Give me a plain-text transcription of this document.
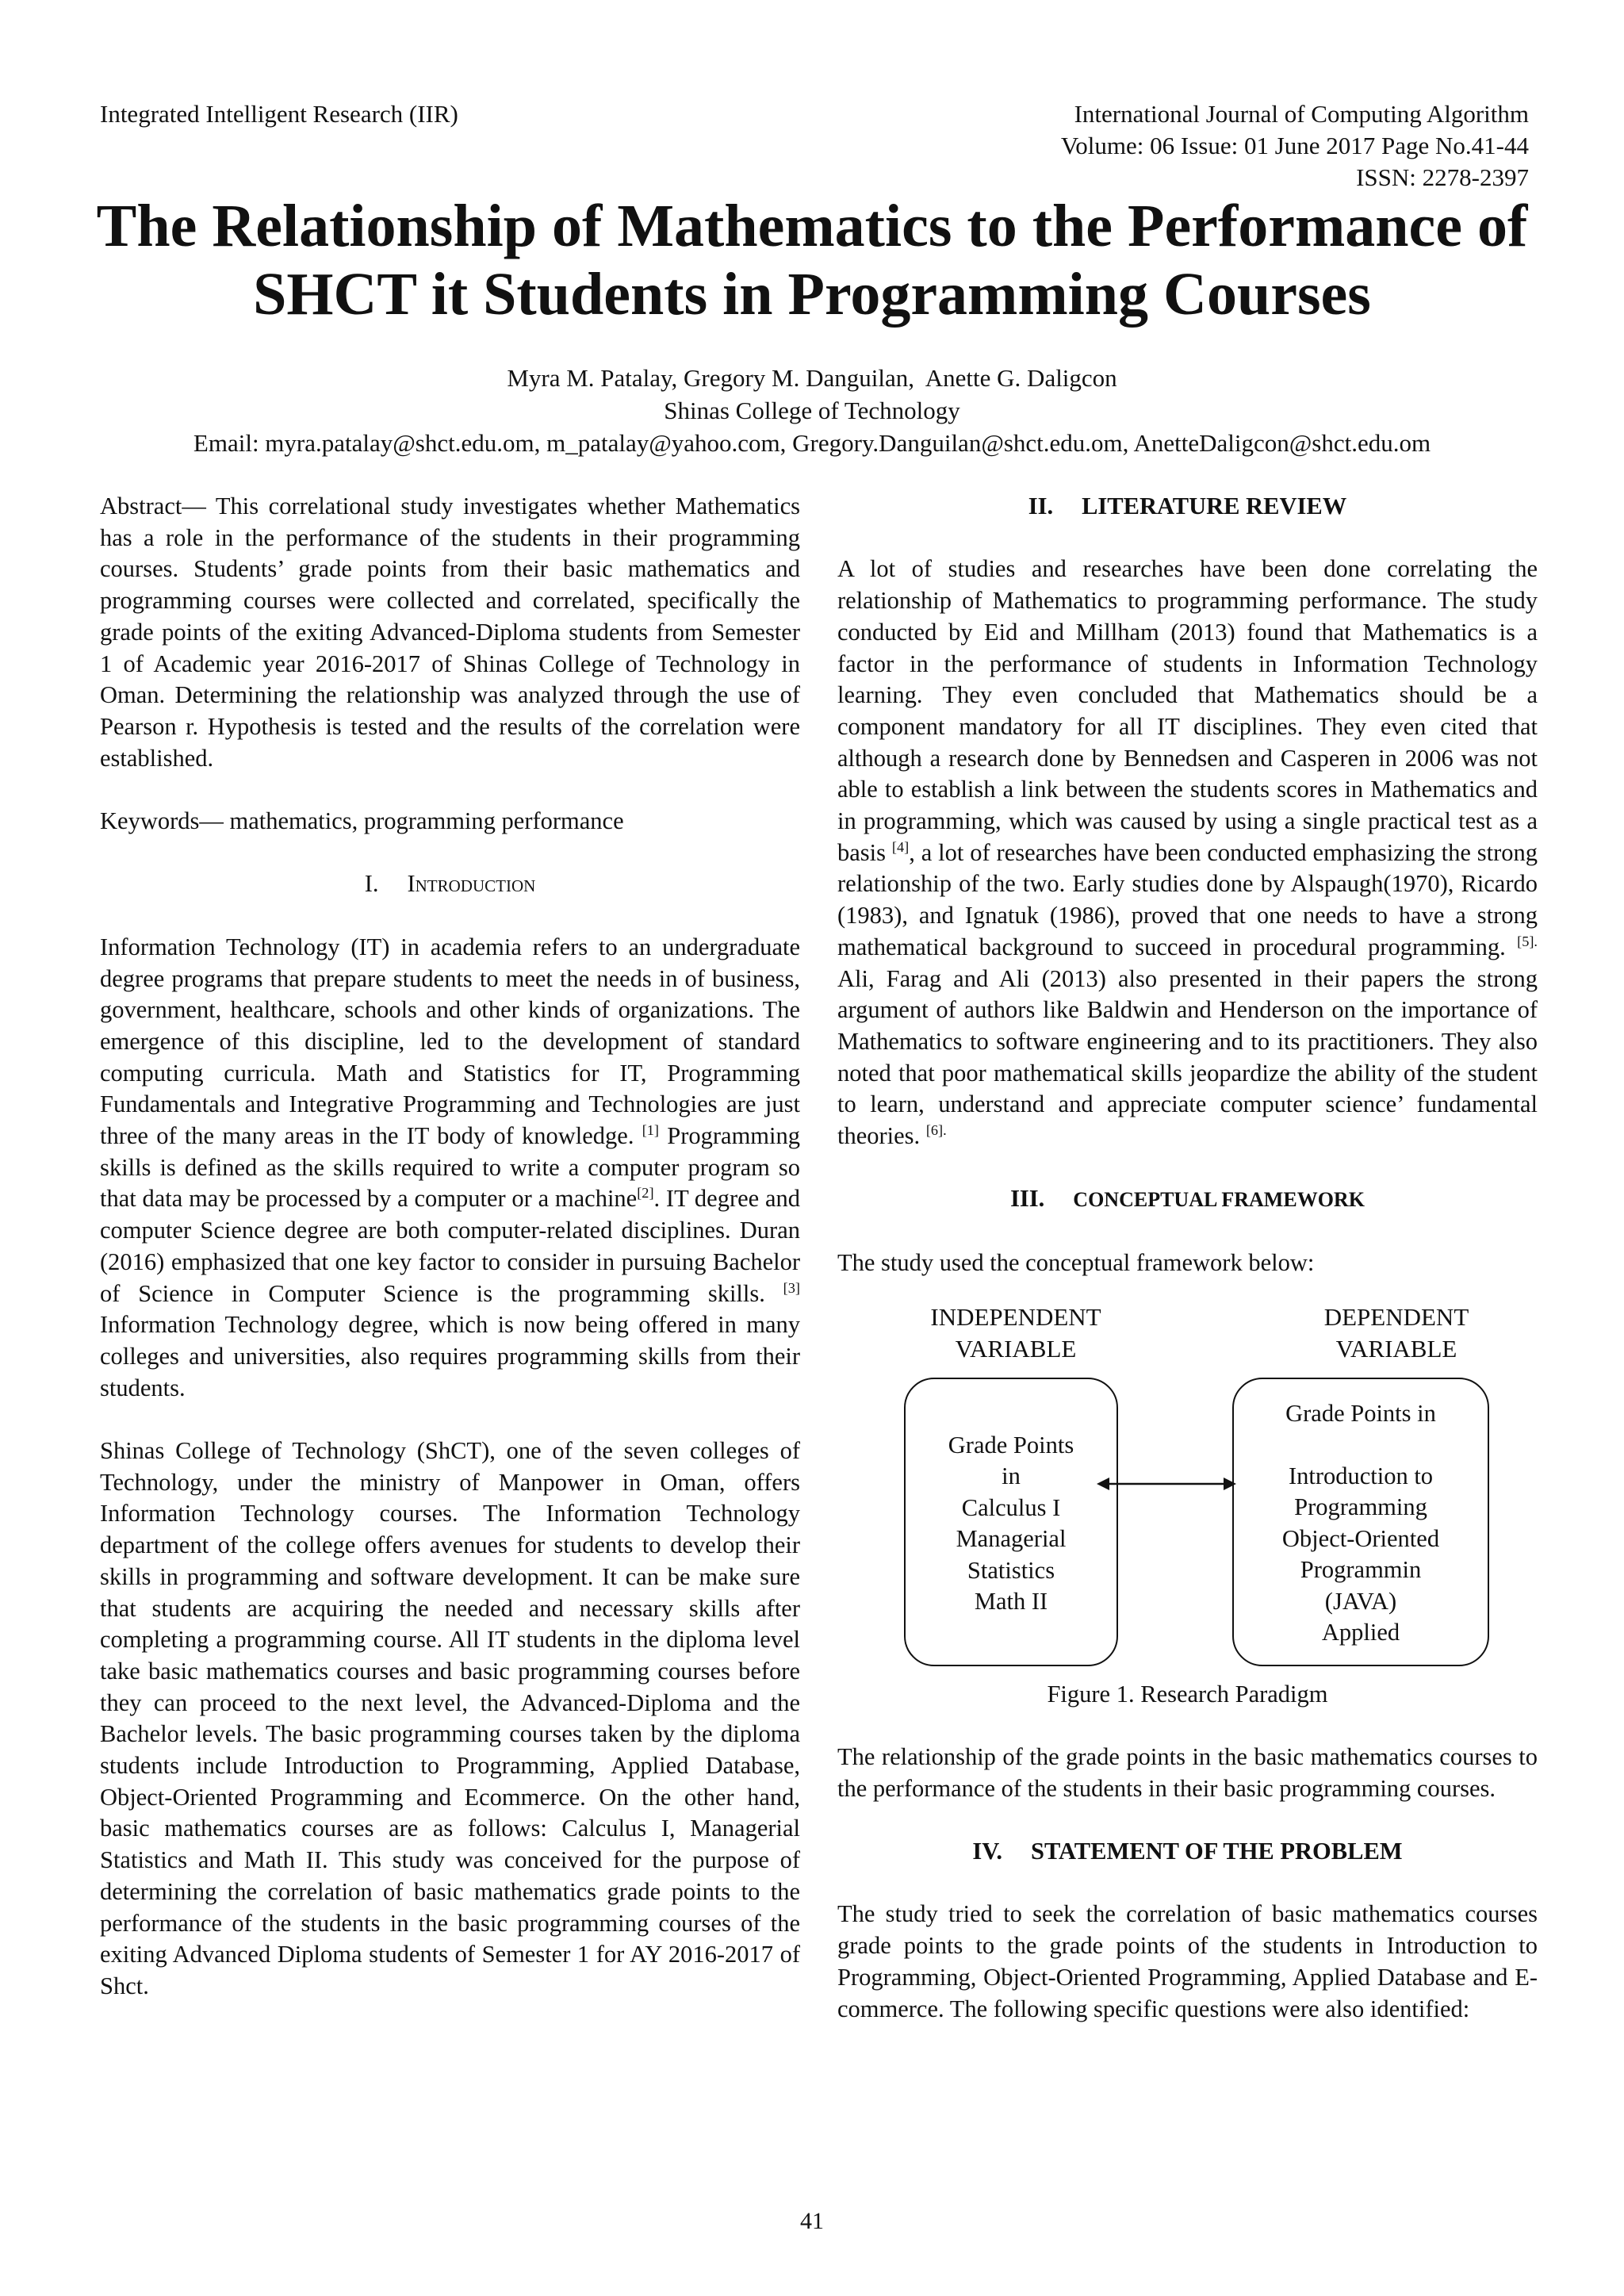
Integrated Intelligent Research (IIR)	International Journal of Computing Algorithm
Volume: 06 Issue: 01 June 2017 Page No.41-44
ISSN: 2278-2397
The Relationship of Mathematics to the Performance of
SHCT it Students in Programming Courses
Myra M. Patalay, Gregory M. Danguilan,  Anette G. Daligcon
Shinas College of Technology
Email: myra.patalay@shct.edu.om, m_patalay@yahoo.com, Gregory.Danguilan@shct.edu.om, AnetteDaligcon@shct.edu.om

Abstract— This correlational study investigates whether Mathematics has a role in the performance of the students in their programming courses. Students’ grade points from their basic mathematics and programming courses were collected and correlated, specifically the grade points of the exiting Advanced-Diploma students from Semester 1 of Academic year 2016-2017 of Shinas College of Technology in Oman. Determining the relationship was analyzed through the use of Pearson r. Hypothesis is tested and the results of the correlation were established.

Keywords— mathematics, programming performance

I. Introduction

Information Technology (IT) in academia refers to an undergraduate degree programs that prepare students to meet the needs in of business, government, healthcare, schools and other kinds of organizations. The emergence of this discipline, led to the development of standard computing curricula. Math and Statistics for IT, Programming Fundamentals and Integrative Programming and Technologies are just three of the many areas in the IT body of knowledge. [1] Programming skills is defined as the skills required to write a computer program so that data may be processed by a computer or a machine[2]. IT degree and computer Science degree are both computer-related disciplines. Duran (2016) emphasized that one key factor to consider in pursuing Bachelor of Science in Computer Science is the programming skills. [3] Information Technology degree, which is now being offered in many colleges and universities, also requires programming skills from their students.

Shinas College of Technology (ShCT), one of the seven colleges of Technology, under the ministry of Manpower in Oman, offers Information Technology courses. The Information Technology department of the college offers avenues for students to develop their skills in programming and software development. It can be make sure that students are acquiring the needed and necessary skills after completing a programming course. All IT students in the diploma level take basic mathematics courses and basic programming courses before they can proceed to the next level, the Advanced-Diploma and the Bachelor levels. The basic programming courses taken by the diploma students include Introduction to Programming, Applied Database, Object-Oriented Programming and Ecommerce. On the other hand, basic mathematics courses are as follows: Calculus I, Managerial Statistics and Math II. This study was conceived for the purpose of determining the correlation of basic mathematics grade points to the performance of the students in the basic programming courses of the exiting Advanced Diploma students of Semester 1 for AY 2016-2017 of Shct.

II. LITERATURE REVIEW

A lot of studies and researches have been done correlating the relationship of Mathematics to programming performance. The study conducted by Eid and Millham (2013) found that Mathematics is a factor in the performance of students in Information Technology learning. They even concluded that Mathematics should be a component mandatory for all IT disciplines. They even cited that although a research done by Bennedsen and Casperen in 2006 was not able to establish a link between the students scores in Mathematics and in programming, which was caused by using a single practical test as a basis [4], a lot of researches have been conducted emphasizing the strong relationship of the two. Early studies done by Alspaugh(1970), Ricardo (1983), and Ignatuk (1986), proved that one needs to have a strong mathematical background to succeed in procedural programming. $^{[5].}$ Ali, Farag and Ali (2013) also presented in their papers the strong argument of authors like Baldwin and Henderson on the importance of Mathematics to software engineering and to its practitioners. They also noted that poor mathematical skills jeopardize the ability of the student to learn, understand and appreciate computer science’ fundamental theories. $^{[6].}$

III. CONCEPTUAL FRAMEWORK

The study used the conceptual framework below:

INDEPENDENT
VARIABLE
DEPENDENT
VARIABLE
Grade Points
in
Calculus I
Managerial
Statistics
Math II
Grade Points in
Introduction to
Programming
Object-Oriented
Programmin
(JAVA)
Applied

Figure 1. Research Paradigm

The relationship of the grade points in the basic mathematics courses to the performance of the students in their basic programming courses.

IV. STATEMENT OF THE PROBLEM

The study tried to seek the correlation of basic mathematics courses grade points to the grade points of the students in Introduction to Programming, Object-Oriented Programming, Applied Database and E-commerce. The following specific questions were also identified:

41
